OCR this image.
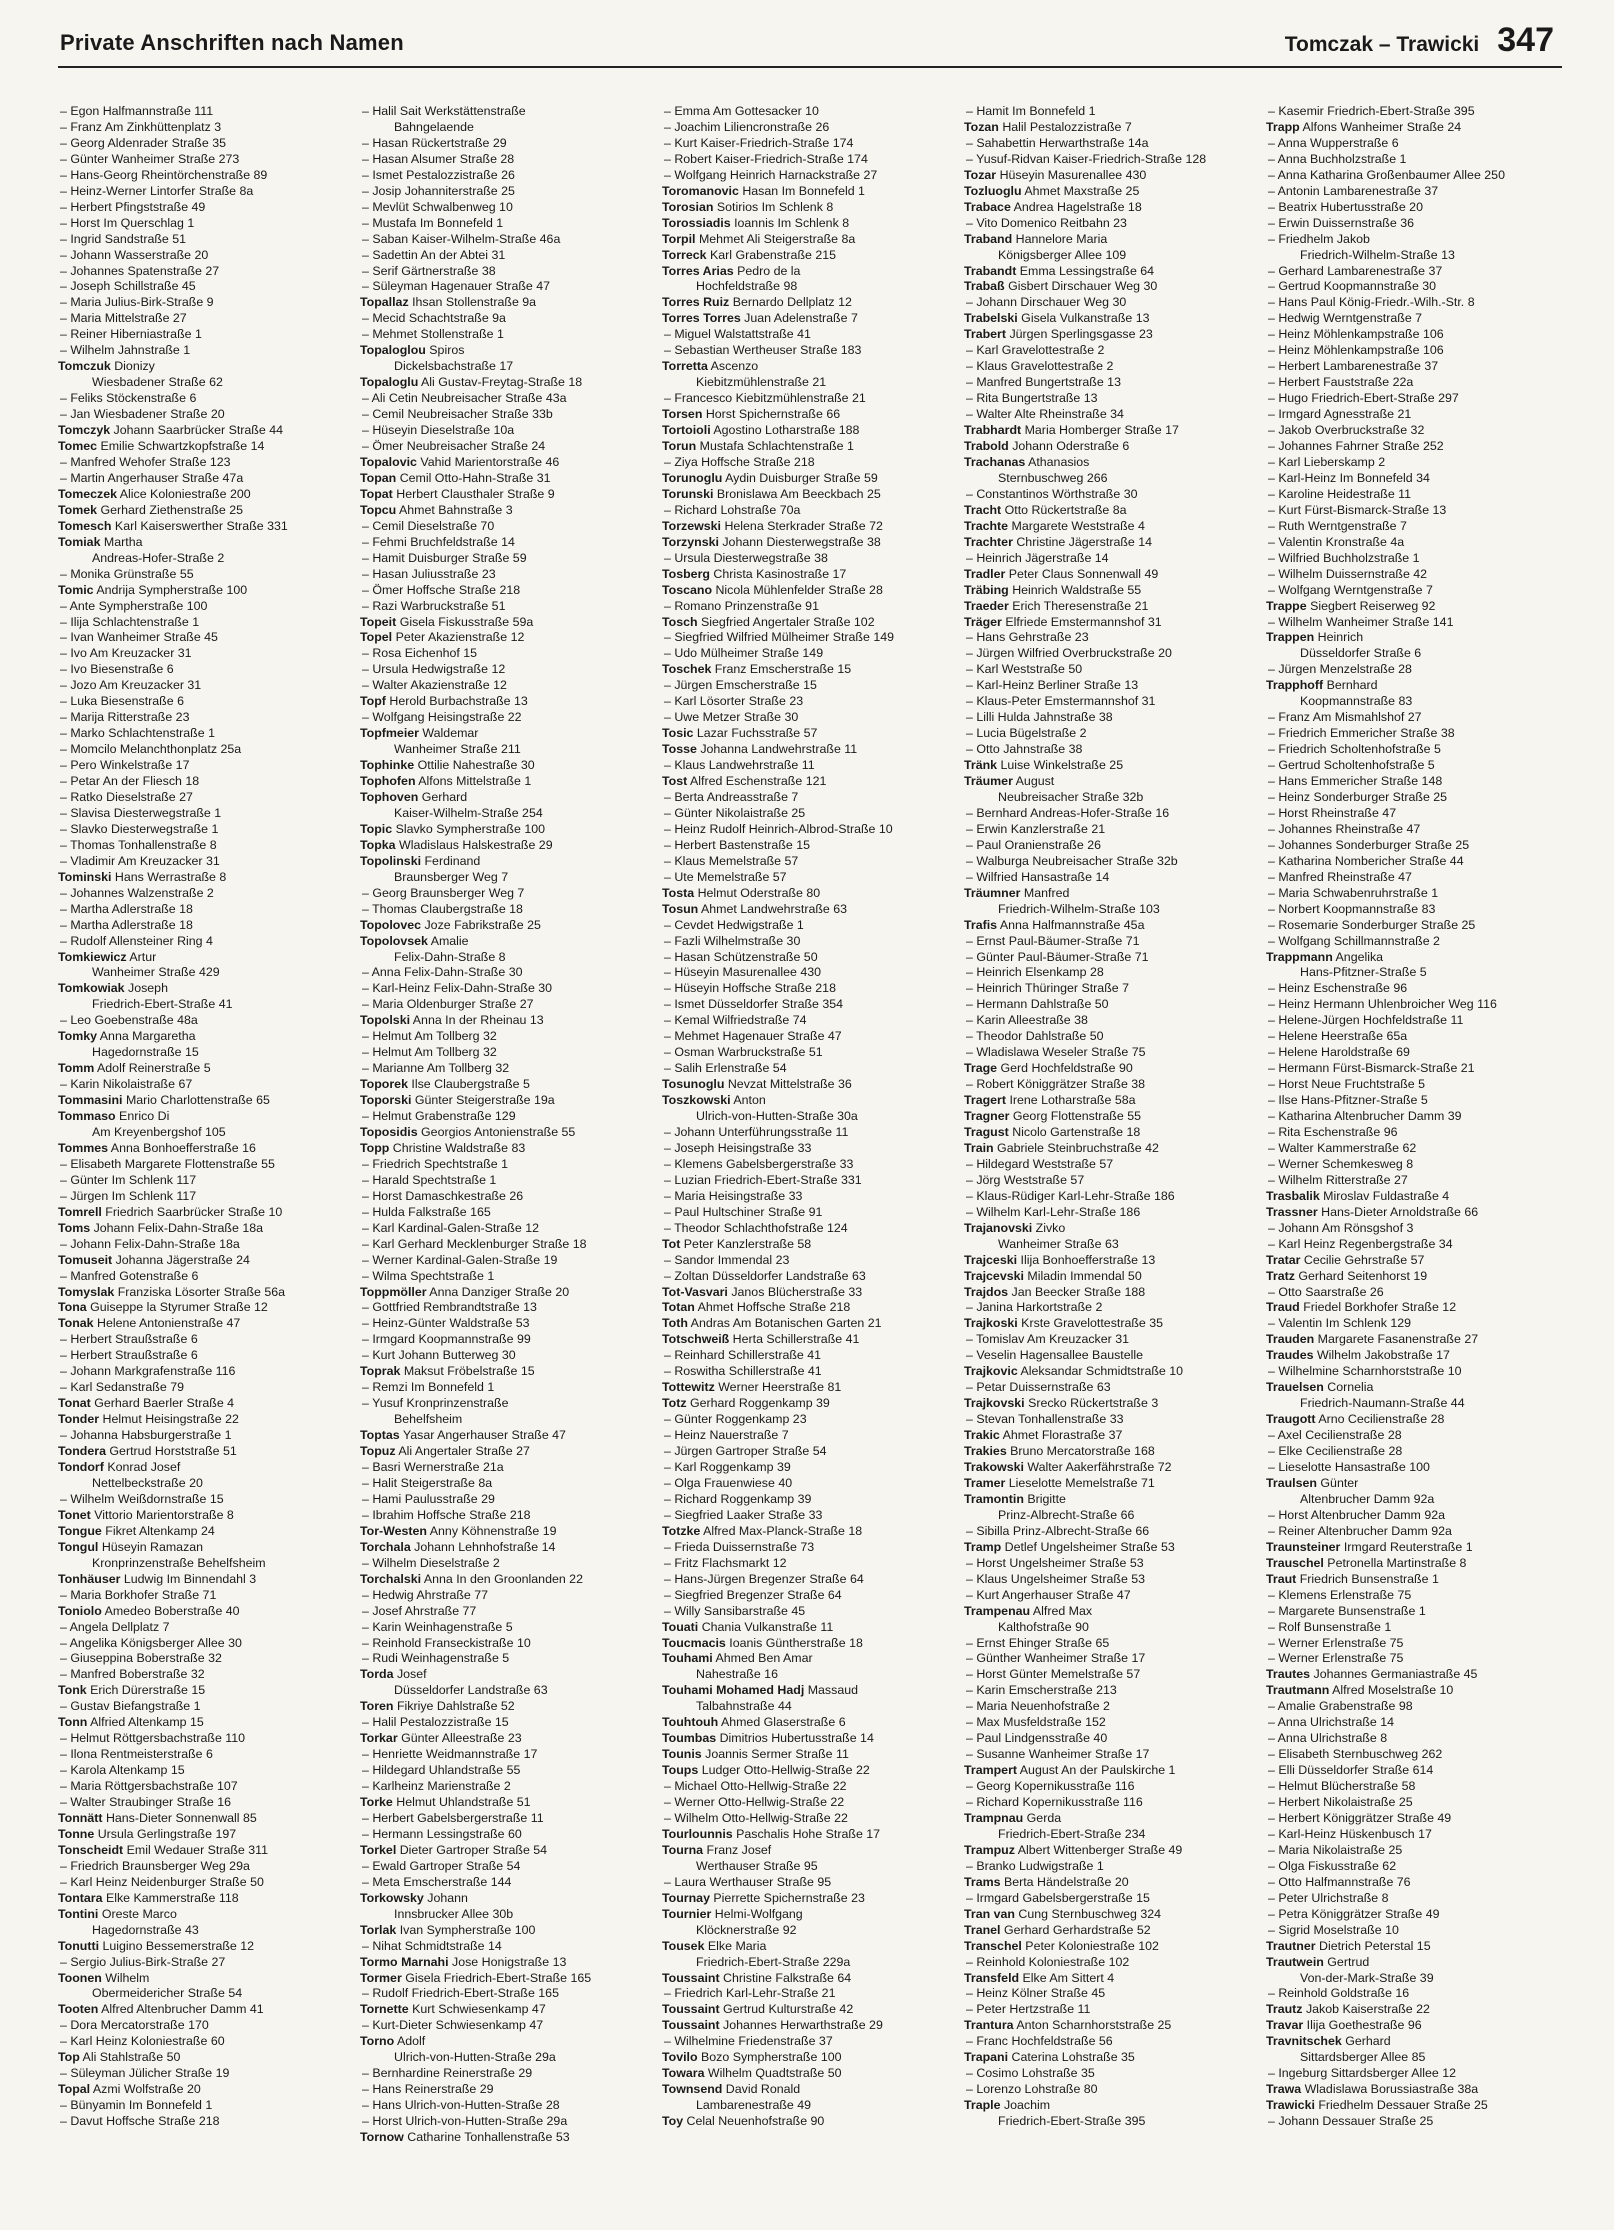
Private Anschriften nach Namen	Tomczak – Trawicki 347
– Egon Halfmannstraße 111
– Franz Am Zinkhüttenplatz 3
– Georg Aldenrader Straße 35
– Günter Wanheimer Straße 273
– Hans-Georg Rheintörchenstraße 89
– Heinz-Werner Lintorfer Straße 8a
– Herbert Pfingststraße 49
– Horst Im Querschlag 1
– Ingrid Sandstraße 51
– Johann Wasserstraße 20
– Johannes Spatenstraße 27
– Joseph Schillstraße 45
– Maria Julius-Birk-Straße 9
– Maria Mittelstraße 27
– Reiner Hiberniastraße 1
– Wilhelm Jahnstraße 1
Tomczuk Dionizy
Wiesbadener Straße 62
– Feliks Stöckenstraße 6
– Jan Wiesbadener Straße 20
Tomczyk Johann Saarbrücker Straße 44
Tomec Emilie Schwartzkopfstraße 14
– Manfred Wehofer Straße 123
– Martin Angerhauser Straße 47a
Tomeczek Alice Koloniestraße 200
Tomek Gerhard Ziethenstraße 25
Tomesch Karl Kaiserswerther Straße 331
Tomiak Martha
Andreas-Hofer-Straße 2
– Monika Grünstraße 55
Tomic Andrija Sympherstraße 100
– Ante Sympherstraße 100
– Ilija Schlachtenstraße 1
– Ivan Wanheimer Straße 45
– Ivo Am Kreuzacker 31
– Ivo Biesenstraße 6
– Jozo Am Kreuzacker 31
– Luka Biesenstraße 6
– Marija Ritterstraße 23
– Marko Schlachtenstraße 1
– Momcilo Melanchthonplatz 25a
– Pero Winkelstraße 17
– Petar An der Fliesch 18
– Ratko Dieselstraße 27
– Slavisa Diesterwegstraße 1
– Slavko Diesterwegstraße 1
– Thomas Tonhallenstraße 8
– Vladimir Am Kreuzacker 31
Tominski Hans Werrastraße 8
– Johannes Walzenstraße 2
– Martha Adlerstraße 18
– Martha Adlerstraße 18
– Rudolf Allensteiner Ring 4
Tomkiewicz Artur
Wanheimer Straße 429
Tomkowiak Joseph
Friedrich-Ebert-Straße 41
– Leo Goebenstraße 48a
Tomky Anna Margaretha
Hagedornstraße 15
Tomm Adolf Reinerstraße 5
– Karin Nikolaistraße 67
Tommasini Mario Charlottenstraße 65
Tommaso Enrico Di
Am Kreyenbergshof 105
Tommes Anna Bonhoefferstraße 16
– Elisabeth Margarete Flottenstraße 55
– Günter Im Schlenk 117
– Jürgen Im Schlenk 117
Tomrell Friedrich Saarbrücker Straße 10
Toms Johann Felix-Dahn-Straße 18a
– Johann Felix-Dahn-Straße 18a
Tomuseit Johanna Jägerstraße 24
– Manfred Gotenstraße 6
Tomyslak Franziska Lösorter Straße 56a
Tona Guiseppe la Styrumer Straße 12
Tonak Helene Antonienstraße 47
– Herbert Straußstraße 6
– Herbert Straußstraße 6
– Johann Markgrafenstraße 116
– Karl Sedanstraße 79
Tonat Gerhard Baerler Straße 4
Tonder Helmut Heisingstraße 22
– Johanna Habsburgerstraße 1
Tondera Gertrud Horststraße 51
Tondorf Konrad Josef
Nettelbeckstraße 20
– Wilhelm Weißdornstraße 15
Tonet Vittorio Marientorstraße 8
Tongue Fikret Altenkamp 24
Tongul Hüseyin Ramazan
Kronprinzenstraße Behelfsheim
Tonhäuser Ludwig Im Binnendahl 3
– Maria Borkhofer Straße 71
Toniolo Amedeo Boberstraße 40
– Angela Dellplatz 7
– Angelika Königsberger Allee 30
– Giuseppina Boberstraße 32
– Manfred Boberstraße 32
Tonk Erich Dürerstraße 15
– Gustav Biefangstraße 1
Tonn Alfried Altenkamp 15
– Helmut Röttgersbachstraße 110
– Ilona Rentmeisterstraße 6
– Karola Altenkamp 15
– Maria Röttgersbachstraße 107
– Walter Straubinger Straße 16
Tonnätt Hans-Dieter Sonnenwall 85
Tonne Ursula Gerlingstraße 197
Tonscheidt Emil Wedauer Straße 311
– Friedrich Braunsberger Weg 29a
– Karl Heinz Neidenburger Straße 50
Tontara Elke Kammerstraße 118
Tontini Oreste Marco
Hagedornstraße 43
Tonutti Luigino Bessemerstraße 12
– Sergio Julius-Birk-Straße 27
Toonen Wilhelm
Obermeidericher Straße 54
Tooten Alfred Altenbrucher Damm 41
– Dora Mercatorstraße 170
– Karl Heinz Koloniestraße 60
Top Ali Stahlstraße 50
– Süleyman Jülicher Straße 19
Topal Azmi Wolfstraße 20
– Bünyamin Im Bonnefeld 1
– Davut Hoffsche Straße 218
– Halil Sait Werkstättenstraße
Bahngelaende
– Hasan Rückertstraße 29
– Hasan Alsumer Straße 28
– Ismet Pestalozzistraße 26
– Josip Johanniterstraße 25
– Mevlüt Schwalbenweg 10
– Mustafa Im Bonnefeld 1
– Saban Kaiser-Wilhelm-Straße 46a
– Sadettin An der Abtei 31
– Serif Gärtnerstraße 38
– Süleyman Hagenauer Straße 47
Topallaz Ihsan Stollenstraße 9a
– Mecid Schachtstraße 9a
– Mehmet Stollenstraße 1
Topaloglou Spiros
Dickelsbachstraße 17
Topaloglu Ali Gustav-Freytag-Straße 18
– Ali Cetin Neubreisacher Straße 43a
– Cemil Neubreisacher Straße 33b
– Hüseyin Dieselstraße 10a
– Ömer Neubreisacher Straße 24
Topalovic Vahid Marientorstraße 46
Topan Cemil Otto-Hahn-Straße 31
Topat Herbert Clausthaler Straße 9
Topcu Ahmet Bahnstraße 3
– Cemil Dieselstraße 70
– Fehmi Bruchfeldstraße 14
– Hamit Duisburger Straße 59
– Hasan Juliusstraße 23
– Ömer Hoffsche Straße 218
– Razi Warbruckstraße 51
Topeit Gisela Fiskusstraße 59a
Topel Peter Akazienstraße 12
– Rosa Eichenhof 15
– Ursula Hedwigstraße 12
– Walter Akazienstraße 12
Topf Herold Burbachstraße 13
– Wolfgang Heisingstraße 22
Topfmeier Waldemar
Wanheimer Straße 211
Tophinke Ottilie Nahestraße 30
Tophofen Alfons Mittelstraße 1
Tophoven Gerhard
Kaiser-Wilhelm-Straße 254
Topic Slavko Sympherstraße 100
Topka Wladislaus Halskestraße 29
Topolinski Ferdinand
Braunsberger Weg 7
– Georg Braunsberger Weg 7
– Thomas Claubergstraße 18
Topolovec Joze Fabrikstraße 25
Topolovsek Amalie
Felix-Dahn-Straße 8
– Anna Felix-Dahn-Straße 30
– Karl-Heinz Felix-Dahn-Straße 30
– Maria Oldenburger Straße 27
Topolski Anna In der Rheinau 13
– Helmut Am Tollberg 32
– Helmut Am Tollberg 32
– Marianne Am Tollberg 32
Toporek Ilse Claubergstraße 5
Toporski Günter Steigerstraße 19a
– Helmut Grabenstraße 129
Toposidis Georgios Antonienstraße 55
Topp Christine Waldstraße 83
– Friedrich Spechtstraße 1
– Harald Spechtstraße 1
– Horst Damaschkestraße 26
– Hulda Falkstraße 165
– Karl Kardinal-Galen-Straße 12
– Karl Gerhard Mecklenburger Straße 18
– Werner Kardinal-Galen-Straße 19
– Wilma Spechtstraße 1
Toppmöller Anna Danziger Straße 20
– Gottfried Rembrandtstraße 13
– Heinz-Günter Waldstraße 53
– Irmgard Koopmannstraße 99
– Kurt Johann Butterweg 30
Toprak Maksut Fröbelstraße 15
– Remzi Im Bonnefeld 1
– Yusuf Kronprinzenstraße
Behelfsheim
Toptas Yasar Angerhauser Straße 47
Topuz Ali Angertaler Straße 27
– Basri Wernerstraße 21a
– Halit Steigerstraße 8a
– Hami Paulusstraße 29
– Ibrahim Hoffsche Straße 218
Tor-Westen Anny Köhnenstraße 19
Torchala Johann Lehnhofstraße 14
– Wilhelm Dieselstraße 2
Torchalski Anna In den Groonlanden 22
– Hedwig Ahrstraße 77
– Josef Ahrstraße 77
– Karin Weinhagenstraße 5
– Reinhold Franseckistraße 10
– Rudi Weinhagenstraße 5
Torda Josef
Düsseldorfer Landstraße 63
Toren Fikriye Dahlstraße 52
– Halil Pestalozzistraße 15
Torkar Günter Alleestraße 23
– Henriette Weidmannstraße 17
– Hildegard Uhlandstraße 55
– Karlheinz Marienstraße 2
Torke Helmut Uhlandstraße 51
– Herbert Gabelsbergerstraße 11
– Hermann Lessingstraße 60
Torkel Dieter Gartroper Straße 54
– Ewald Gartroper Straße 54
– Meta Emscherstraße 144
Torkowsky Johann
Innsbrucker Allee 30b
Torlak Ivan Sympherstraße 100
– Nihat Schmidtstraße 14
Tormo Marnahi Jose Honigstraße 13
Tormer Gisela Friedrich-Ebert-Straße 165
– Rudolf Friedrich-Ebert-Straße 165
Tornette Kurt Schwiesenkamp 47
– Kurt-Dieter Schwiesenkamp 47
Torno Adolf
Ulrich-von-Hutten-Straße 29a
– Bernhardine Reinerstraße 29
– Hans Reinerstraße 29
– Hans Ulrich-von-Hutten-Straße 28
– Horst Ulrich-von-Hutten-Straße 29a
Tornow Catharine Tonhallenstraße 53
– Emma Am Gottesacker 10
– Joachim Liliencronstraße 26
– Kurt Kaiser-Friedrich-Straße 174
– Robert Kaiser-Friedrich-Straße 174
– Wolfgang Heinrich Harnackstraße 27
Toromanovic Hasan Im Bonnefeld 1
Torosian Sotirios Im Schlenk 8
Torossiadis Ioannis Im Schlenk 8
Torpil Mehmet Ali Steigerstraße 8a
Torreck Karl Grabenstraße 215
Torres Arias Pedro de la
Hochfeldstraße 98
Torres Ruiz Bernardo Dellplatz 12
Torres Torres Juan Adelenstraße 7
– Miguel Walstattstraße 41
– Sebastian Wertheuser Straße 183
Torretta Ascenzo
Kiebitzmühlenstraße 21
– Francesco Kiebitzmühlenstraße 21
Torsen Horst Spichernstraße 66
Tortoioli Agostino Lotharstraße 188
Torun Mustafa Schlachtenstraße 1
– Ziya Hoffsche Straße 218
Torunoglu Aydin Duisburger Straße 59
Torunski Bronislawa Am Beeckbach 25
– Richard Lohstraße 70a
Torzewski Helena Sterkrader Straße 72
Torzynski Johann Diesterwegstraße 38
– Ursula Diesterwegstraße 38
Tosberg Christa Kasinostraße 17
Toscano Nicola Mühlenfelder Straße 28
– Romano Prinzenstraße 91
Tosch Siegfried Angertaler Straße 102
– Siegfried Wilfried Mülheimer Straße 149
– Udo Mülheimer Straße 149
Toschek Franz Emscherstraße 15
– Jürgen Emscherstraße 15
– Karl Lösorter Straße 23
– Uwe Metzer Straße 30
Tosic Lazar Fuchsstraße 57
Tosse Johanna Landwehrstraße 11
– Klaus Landwehrstraße 11
Tost Alfred Eschenstraße 121
– Berta Andreasstraße 7
– Günter Nikolaistraße 25
– Heinz Rudolf Heinrich-Albrod-Straße 10
– Herbert Bastenstraße 15
– Klaus Memelstraße 57
– Ute Memelstraße 57
Tosta Helmut Oderstraße 80
Tosun Ahmet Landwehrstraße 63
– Cevdet Hedwigstraße 1
– Fazli Wilhelmstraße 30
– Hasan Schützenstraße 50
– Hüseyin Masurenallee 430
– Hüseyin Hoffsche Straße 218
– Ismet Düsseldorfer Straße 354
– Kemal Wilfriedstraße 74
– Mehmet Hagenauer Straße 47
– Osman Warbruckstraße 51
– Salih Erlenstraße 54
Tosunoglu Nevzat Mittelstraße 36
Toszkowski Anton
Ulrich-von-Hutten-Straße 30a
– Johann Unterführungsstraße 11
– Joseph Heisingstraße 33
– Klemens Gabelsbergerstraße 33
– Luzian Friedrich-Ebert-Straße 331
– Maria Heisingstraße 33
– Paul Hultschiner Straße 91
– Theodor Schlachthofstraße 124
Tot Peter Kanzlerstraße 58
– Sandor Immendal 23
– Zoltan Düsseldorfer Landstraße 63
Tot-Vasvari Janos Blücherstraße 33
Totan Ahmet Hoffsche Straße 218
Toth Andras Am Botanischen Garten 21
Totschweiß Herta Schillerstraße 41
– Reinhard Schillerstraße 41
– Roswitha Schillerstraße 41
Tottewitz Werner Heerstraße 81
Totz Gerhard Roggenkamp 39
– Günter Roggenkamp 23
– Heinz Nauerstraße 7
– Jürgen Gartroper Straße 54
– Karl Roggenkamp 39
– Olga Frauenwiese 40
– Richard Roggenkamp 39
– Siegfried Laaker Straße 33
Totzke Alfred Max-Planck-Straße 18
– Frieda Duissernstraße 73
– Fritz Flachsmarkt 12
– Hans-Jürgen Bregenzer Straße 64
– Siegfried Bregenzer Straße 64
– Willy Sansibarstraße 45
Touati Chania Vulkanstraße 11
Toucmacis Ioanis Güntherstraße 18
Touhami Ahmed Ben Amar
Nahestraße 16
Touhami Mohamed Hadj Massaud
Talbahnstraße 44
Touhtouh Ahmed Glaserstraße 6
Toumbas Dimitrios Hubertusstraße 14
Tounis Joannis Sermer Straße 11
Toups Ludger Otto-Hellwig-Straße 22
– Michael Otto-Hellwig-Straße 22
– Werner Otto-Hellwig-Straße 22
– Wilhelm Otto-Hellwig-Straße 22
Tourlounnis Paschalis Hohe Straße 17
Tourna Franz Josef
Werthauser Straße 95
– Laura Werthauser Straße 95
Tournay Pierrette Spichernstraße 23
Tournier Helmi-Wolfgang
Klöcknerstraße 92
Tousek Elke Maria
Friedrich-Ebert-Straße 229a
Toussaint Christine Falkstraße 64
– Friedrich Karl-Lehr-Straße 21
Toussaint Gertrud Kulturstraße 42
Toussaint Johannes Herwarthstraße 29
– Wilhelmine Friedenstraße 37
Tovilo Bozo Sympherstraße 100
Towara Wilhelm Quadtstraße 50
Townsend David Ronald
Lambarenestraße 49
Toy Celal Neuenhofstraße 90
– Hamit Im Bonnefeld 1
Tozan Halil Pestalozzistraße 7
– Sahabettin Herwarthstraße 14a
– Yusuf-Ridvan Kaiser-Friedrich-Straße 128
Tozar Hüseyin Masurenallee 430
Tozluoglu Ahmet Maxstraße 25
Trabace Andrea Hagelstraße 18
– Vito Domenico Reitbahn 23
Traband Hannelore Maria
Königsberger Allee 109
Trabandt Emma Lessingstraße 64
Trabaß Gisbert Dirschauer Weg 30
– Johann Dirschauer Weg 30
Trabelski Gisela Vulkanstraße 13
Trabert Jürgen Sperlingsgasse 23
– Karl Gravelottestraße 2
– Klaus Gravelottestraße 2
– Manfred Bungertstraße 13
– Rita Bungertstraße 13
– Walter Alte Rheinstraße 34
Trabhardt Maria Homberger Straße 17
Trabold Johann Oderstraße 6
Trachanas Athanasios
Sternbuschweg 266
– Constantinos Wörthstraße 30
Tracht Otto Rückertstraße 8a
Trachte Margarete Weststraße 4
Trachter Christine Jägerstraße 14
– Heinrich Jägerstraße 14
Tradler Peter Claus Sonnenwall 49
Träbing Heinrich Waldstraße 55
Traeder Erich Theresenstraße 21
Träger Elfriede Emstermannshof 31
– Hans Gehrstraße 23
– Jürgen Wilfried Overbruckstraße 20
– Karl Weststraße 50
– Karl-Heinz Berliner Straße 13
– Klaus-Peter Emstermannshof 31
– Lilli Hulda Jahnstraße 38
– Lucia Bügelstraße 2
– Otto Jahnstraße 38
Tränk Luise Winkelstraße 25
Träumer August
Neubreisacher Straße 32b
– Bernhard Andreas-Hofer-Straße 16
– Erwin Kanzlerstraße 21
– Paul Oranienstraße 26
– Walburga Neubreisacher Straße 32b
– Wilfried Hansastraße 14
Träumner Manfred
Friedrich-Wilhelm-Straße 103
Trafis Anna Halfmannstraße 45a
– Ernst Paul-Bäumer-Straße 71
– Günter Paul-Bäumer-Straße 71
– Heinrich Elsenkamp 28
– Heinrich Thüringer Straße 7
– Hermann Dahlstraße 50
– Karin Alleestraße 38
– Theodor Dahlstraße 50
– Wladislawa Weseler Straße 75
Trage Gerd Hochfeldstraße 90
– Robert Königgrätzer Straße 38
Tragert Irene Lotharstraße 58a
Tragner Georg Flottenstraße 55
Tragust Nicolo Gartenstraße 18
Train Gabriele Steinbruchstraße 42
– Hildegard Weststraße 57
– Jörg Weststraße 57
– Klaus-Rüdiger Karl-Lehr-Straße 186
– Wilhelm Karl-Lehr-Straße 186
Trajanovski Zivko
Wanheimer Straße 63
Trajceski Ilija Bonhoefferstraße 13
Trajcevski Miladin Immendal 50
Trajdos Jan Beecker Straße 188
– Janina Harkortstraße 2
Trajkoski Krste Gravelottestraße 35
– Tomislav Am Kreuzacker 31
– Veselin Hagensallee Baustelle
Trajkovic Aleksandar Schmidtstraße 10
– Petar Duissernstraße 63
Trajkovski Srecko Rückertstraße 3
– Stevan Tonhallenstraße 33
Trakic Ahmet Florastraße 37
Trakies Bruno Mercatorstraße 168
Trakowski Walter Aakerfährstraße 72
Tramer Lieselotte Memelstraße 71
Tramontin Brigitte
Prinz-Albrecht-Straße 66
– Sibilla Prinz-Albrecht-Straße 66
Tramp Detlef Ungelsheimer Straße 53
– Horst Ungelsheimer Straße 53
– Klaus Ungelsheimer Straße 53
– Kurt Angerhauser Straße 47
Trampenau Alfred Max
Kalthofstraße 90
– Ernst Ehinger Straße 65
– Günther Wanheimer Straße 17
– Horst Günter Memelstraße 57
– Karin Emscherstraße 213
– Maria Neuenhofstraße 2
– Max Musfeldstraße 152
– Paul Lindgensstraße 40
– Susanne Wanheimer Straße 17
Trampert August An der Paulskirche 1
– Georg Kopernikusstraße 116
– Richard Kopernikusstraße 116
Trampnau Gerda
Friedrich-Ebert-Straße 234
Trampuz Albert Wittenberger Straße 49
– Branko Ludwigstraße 1
Trams Berta Händelstraße 20
– Irmgard Gabelsbergerstraße 15
Tran van Cung Sternbuschweg 324
Tranel Gerhard Gerhardstraße 52
Transchel Peter Koloniestraße 102
– Reinhold Koloniestraße 102
Transfeld Elke Am Sittert 4
– Heinz Kölner Straße 45
– Peter Hertzstraße 11
Trantura Anton Scharnhorststraße 25
– Franc Hochfeldstraße 56
Trapani Caterina Lohstraße 35
– Cosimo Lohstraße 35
– Lorenzo Lohstraße 80
Traple Joachim
Friedrich-Ebert-Straße 395
– Kasemir Friedrich-Ebert-Straße 395
Trapp Alfons Wanheimer Straße 24
– Anna Wupperstraße 6
– Anna Buchholzstraße 1
– Anna Katharina Großenbaumer Allee 250
– Antonin Lambarenestraße 37
– Beatrix Hubertusstraße 20
– Erwin Duissernstraße 36
– Friedhelm Jakob
Friedrich-Wilhelm-Straße 13
– Gerhard Lambarenestraße 37
– Gertrud Koopmannstraße 30
– Hans Paul König-Friedr.-Wilh.-Str. 8
– Hedwig Werntgenstraße 7
– Heinz Möhlenkampstraße 106
– Heinz Möhlenkampstraße 106
– Herbert Lambarenestraße 37
– Herbert Fauststraße 22a
– Hugo Friedrich-Ebert-Straße 297
– Irmgard Agnesstraße 21
– Jakob Overbruckstraße 32
– Johannes Fahrner Straße 252
– Karl Lieberskamp 2
– Karl-Heinz Im Bonnefeld 34
– Karoline Heidestraße 11
– Kurt Fürst-Bismarck-Straße 13
– Ruth Werntgenstraße 7
– Valentin Kronstraße 4a
– Wilfried Buchholzstraße 1
– Wilhelm Duissernstraße 42
– Wolfgang Werntgenstraße 7
Trappe Siegbert Reiserweg 92
– Wilhelm Wanheimer Straße 141
Trappen Heinrich
Düsseldorfer Straße 6
– Jürgen Menzelstraße 28
Trapphoff Bernhard
Koopmannstraße 83
– Franz Am Mismahlshof 27
– Friedrich Emmericher Straße 38
– Friedrich Scholtenhofstraße 5
– Gertrud Scholtenhofstraße 5
– Hans Emmericher Straße 148
– Heinz Sonderburger Straße 25
– Horst Rheinstraße 47
– Johannes Rheinstraße 47
– Johannes Sonderburger Straße 25
– Katharina Nombericher Straße 44
– Manfred Rheinstraße 47
– Maria Schwabenruhrstraße 1
– Norbert Koopmannstraße 83
– Rosemarie Sonderburger Straße 25
– Wolfgang Schillmannstraße 2
Trappmann Angelika
Hans-Pfitzner-Straße 5
– Heinz Eschenstraße 96
– Heinz Hermann Uhlenbroicher Weg 116
– Helene-Jürgen Hochfeldstraße 11
– Helene Heerstraße 65a
– Helene Haroldstraße 69
– Hermann Fürst-Bismarck-Straße 21
– Horst Neue Fruchtstraße 5
– Ilse Hans-Pfitzner-Straße 5
– Katharina Altenbrucher Damm 39
– Rita Eschenstraße 96
– Walter Kammerstraße 62
– Werner Schemkesweg 8
– Wilhelm Ritterstraße 27
Trasbalik Miroslav Fuldastraße 4
Trassner Hans-Dieter Arnoldstraße 66
– Johann Am Rönsgshof 3
– Karl Heinz Regenbergstraße 34
Tratar Cecilie Gehrstraße 57
Tratz Gerhard Seitenhorst 19
– Otto Saarstraße 26
Traud Friedel Borkhofer Straße 12
– Valentin Im Schlenk 129
Trauden Margarete Fasanenstraße 27
Traudes Wilhelm Jakobstraße 17
– Wilhelmine Scharnhorststraße 10
Trauelsen Cornelia
Friedrich-Naumann-Straße 44
Traugott Arno Cecilienstraße 28
– Axel Cecilienstraße 28
– Elke Cecilienstraße 28
– Lieselotte Hansastraße 100
Traulsen Günter
Altenbrucher Damm 92a
– Horst Altenbrucher Damm 92a
– Reiner Altenbrucher Damm 92a
Traunsteiner Irmgard Reuterstraße 1
Trauschel Petronella Martinstraße 8
Traut Friedrich Bunsenstraße 1
– Klemens Erlenstraße 75
– Margarete Bunsenstraße 1
– Rolf Bunsenstraße 1
– Werner Erlenstraße 75
– Werner Erlenstraße 75
Trautes Johannes Germaniastraße 45
Trautmann Alfred Moselstraße 10
– Amalie Grabenstraße 98
– Anna Ulrichstraße 14
– Anna Ulrichstraße 8
– Elisabeth Sternbuschweg 262
– Elli Düsseldorfer Straße 614
– Helmut Blücherstraße 58
– Herbert Nikolaistraße 25
– Herbert Königgrätzer Straße 49
– Karl-Heinz Hüskenbusch 17
– Maria Nikolaistraße 25
– Olga Fiskusstraße 62
– Otto Halfmannstraße 76
– Peter Ulrichstraße 8
– Petra Königgrätzer Straße 49
– Sigrid Moselstraße 10
Trautner Dietrich Peterstal 15
Trautwein Gertrud
Von-der-Mark-Straße 39
– Reinhold Goldstraße 16
Trautz Jakob Kaiserstraße 22
Travar Ilija Goethestraße 96
Travnitschek Gerhard
Sittardsberger Allee 85
– Ingeburg Sittardsberger Allee 12
Trawa Wladislawa Borussiastraße 38a
Trawicki Friedhelm Dessauer Straße 25
– Johann Dessauer Straße 25
